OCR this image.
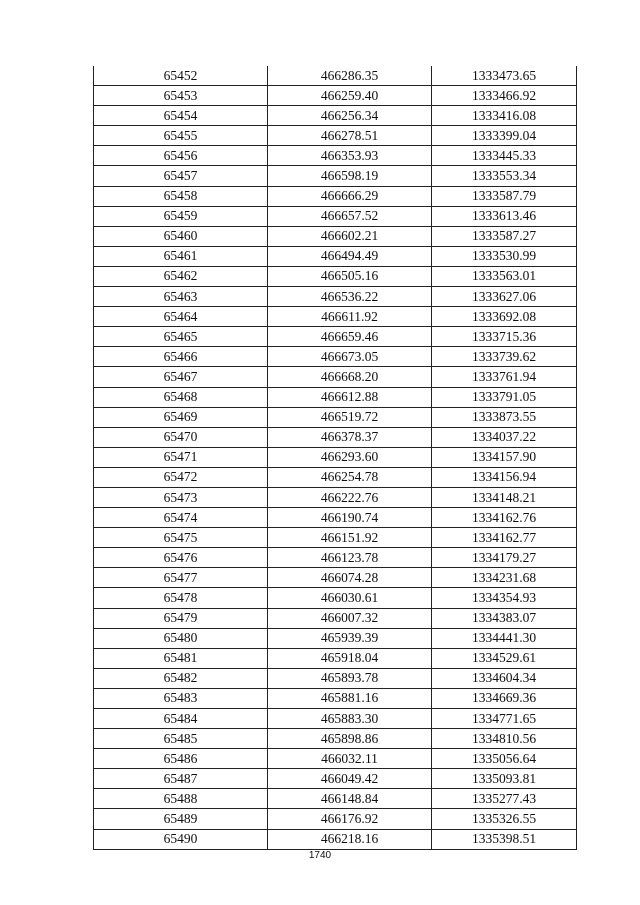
65452	466286.35	1333473.65
65453	466259.40	1333466.92
65454	466256.34	1333416.08
65455	466278.51	1333399.04
65456	466353.93	1333445.33
65457	466598.19	1333553.34
65458	466666.29	1333587.79
65459	466657.52	1333613.46
65460	466602.21	1333587.27
65461	466494.49	1333530.99
65462	466505.16	1333563.01
65463	466536.22	1333627.06
65464	466611.92	1333692.08
65465	466659.46	1333715.36
65466	466673.05	1333739.62
65467	466668.20	1333761.94
65468	466612.88	1333791.05
65469	466519.72	1333873.55
65470	466378.37	1334037.22
65471	466293.60	1334157.90
65472	466254.78	1334156.94
65473	466222.76	1334148.21
65474	466190.74	1334162.76
65475	466151.92	1334162.77
65476	466123.78	1334179.27
65477	466074.28	1334231.68
65478	466030.61	1334354.93
65479	466007.32	1334383.07
65480	465939.39	1334441.30
65481	465918.04	1334529.61
65482	465893.78	1334604.34
65483	465881.16	1334669.36
65484	465883.30	1334771.65
65485	465898.86	1334810.56
65486	466032.11	1335056.64
65487	466049.42	1335093.81
65488	466148.84	1335277.43
65489	466176.92	1335326.55
65490	466218.16	1335398.51
1740
